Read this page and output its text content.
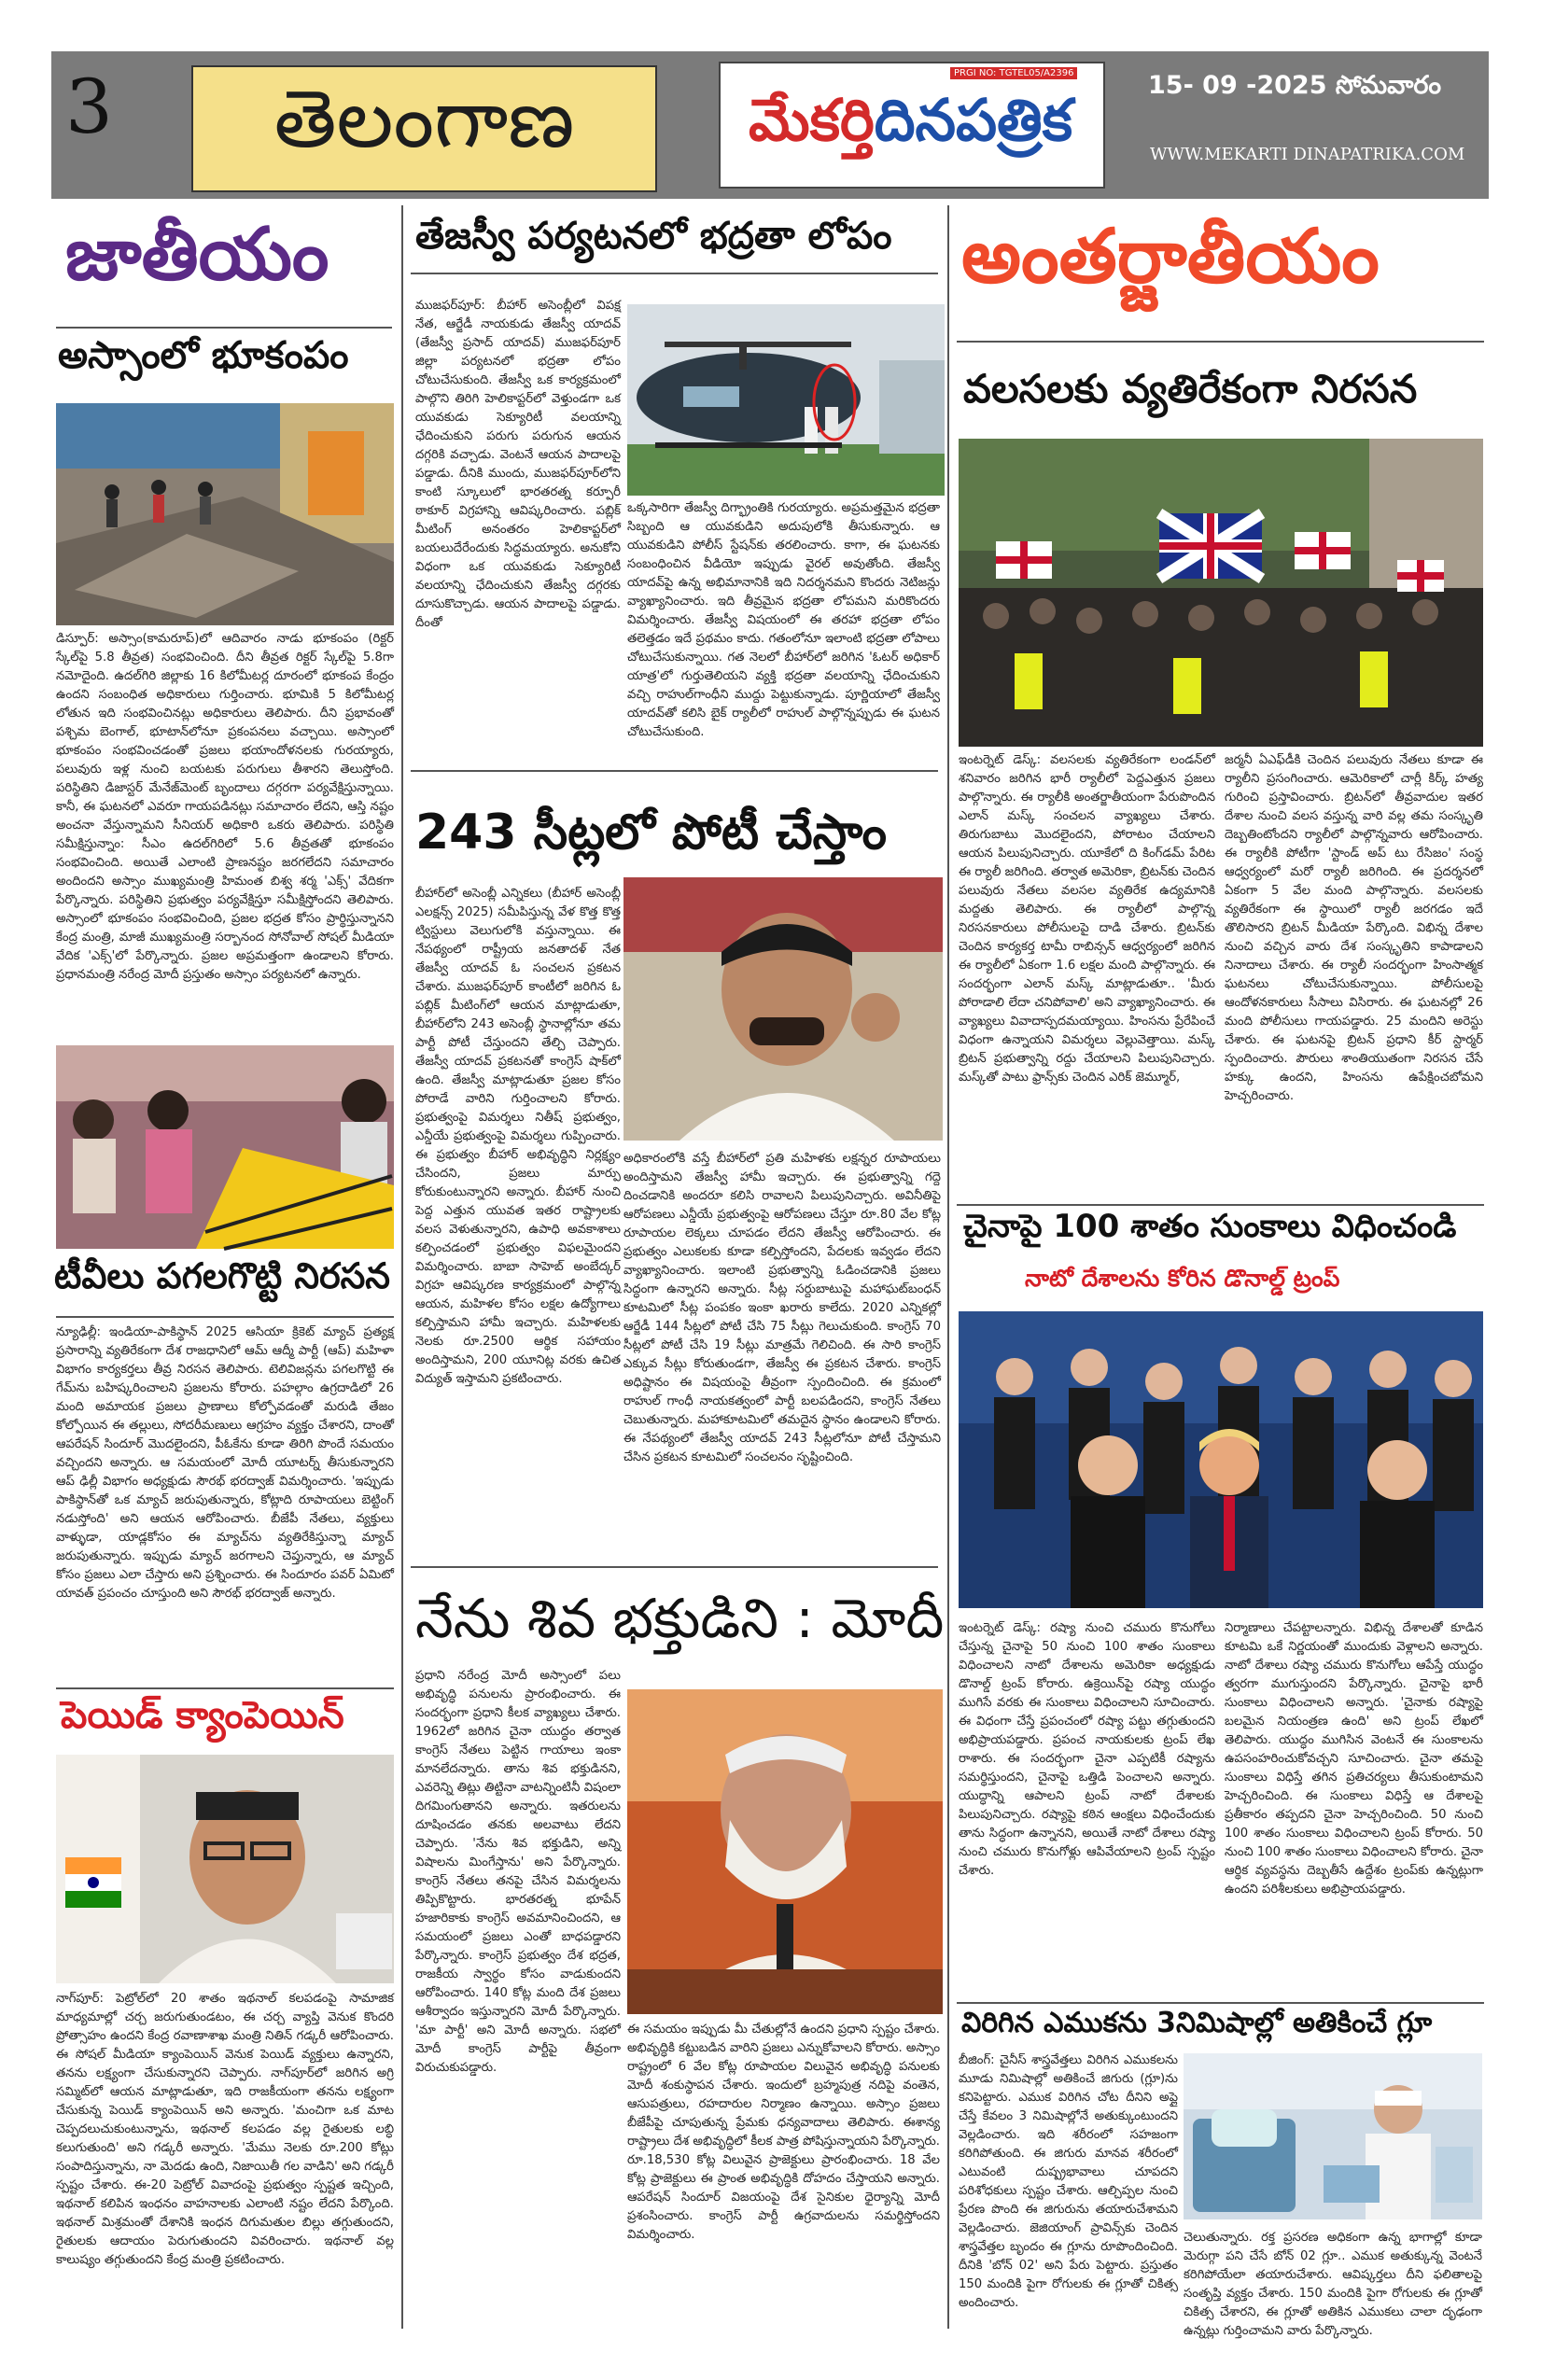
3	తెలంగాణ	మేకర్తిదినపత్రిక
PRGI NO: TGTEL05/A2396	15- 09 -2025 సోమవారం
WWW.MEKARTI DINAPATRIKA.COM
జాతీయం
అస్సాంలో భూకంపం
డిస్పూర్: అస్సాం(కామరూప్)లో ఆదివారం నాడు భూకంపం (రిక్టర్ స్కేల్‌పై 5.8 తీవ్రత) సంభవించింది. దీని తీవ్రత రిక్టర్ స్కేల్‌పై 5.8గా నమోదైంది. ఉదల్‌గిరి జిల్లాకు 16 కిలోమీటర్ల దూరంలో భూకంప కేంద్రం ఉందని సంబంధిత అధికారులు గుర్తించారు. భూమికి 5 కిలోమీటర్ల లోతున ఇది సంభవించినట్లు అధికారులు తెలిపారు. దీని ప్రభావంతో పశ్చిమ బెంగాల్, భూటాన్‌లోనూ ప్రకంపనలు వచ్చాయి. అస్సాంలో భూకంపం సంభవించడంతో ప్రజలు భయాందోళనలకు గురయ్యారు, పలువురు ఇళ్ల నుంచి బయటకు పరుగులు తీశారని తెలుస్తోంది. పరిస్థితిని డిజాస్టర్ మేనేజ్‌మెంట్ బృందాలు దగ్గరగా పర్యవేక్షిస్తున్నాయి. కానీ, ఈ ఘటనలో ఎవరూ గాయపడినట్లు సమాచారం లేదని, ఆస్తి నష్టం అంచనా వేస్తున్నామని సీనియర్ అధికారి ఒకరు తెలిపారు. పరిస్థితి సమీక్షిస్తున్నాం: సీఎం ఉదల్‌గిరిలో 5.6 తీవ్రతతో భూకంపం సంభవించింది. అయితే ఎలాంటి ప్రాణనష్టం జరగలేదని సమాచారం అందిందని అస్సాం ముఖ్యమంత్రి హిమంత బిశ్వ శర్మ 'ఎక్స్' వేదికగా పేర్కొన్నారు. పరిస్థితిని ప్రభుత్వం పర్యవేక్షిస్తూ సమీక్షిస్తోందని తెలిపారు. అస్సాంలో భూకంపం సంభవించింది, ప్రజల భద్రత కోసం ప్రార్థిస్తున్నానని కేంద్ర మంత్రి, మాజీ ముఖ్యమంత్రి సర్బానంద సోనోవాల్ సోషల్ మీడియా వేదిక 'ఎక్స్'లో పేర్కొన్నారు. ప్రజల అప్రమత్తంగా ఉండాలని కోరారు. ప్రధానమంత్రి నరేంద్ర మోదీ ప్రస్తుతం అస్సాం పర్యటనలో ఉన్నారు.
టీవీలు పగలగొట్టి నిరసన
న్యూఢిల్లీ: ఇండియా-పాకిస్థాన్ 2025 ఆసియా క్రికెట్ మ్యాచ్ ప్రత్యక్ష ప్రసారాన్ని వ్యతిరేకంగా దేశ రాజధానిలో ఆమ్ ఆద్మీ పార్టీ (ఆప్) మహిళా విభాగం కార్యకర్తలు తీవ్ర నిరసన తెలిపారు. టెలివిజన్లను పగలగొట్టి ఈ గేమ్‌ను బహిష్కరించాలని ప్రజలను కోరారు. పహల్గాం ఉగ్రదాడిలో 26 మంది అమాయక ప్రజలు ప్రాణాలు కోల్పోవడంతో మరుడి తేజం కోల్పోయిన ఈ తల్లులు, సోదరీమణులు ఆగ్రహం వ్యక్తం చేశారని, దాంతో ఆపరేషన్ సిందూర్ మొదలైందని, పీఓకేను కూడా తిరిగి పొందే సమయం వచ్చిందని అన్నారు. ఆ సమయంలో మోదీ యూటర్న్ తీసుకున్నారని ఆప్ ఢిల్లీ విభాగం అధ్యక్షుడు సౌరభ్ భరద్వాజ్ విమర్శించారు. 'ఇప్పుడు పాకిస్థాన్‌తో ఒక మ్యాచ్ జరుపుతున్నారు, కోట్లాది రూపాయలు బెట్టింగ్ నడుస్తోంది' అని ఆయన ఆరోపించారు. బీజేపీ నేతలు, వ్యక్తులు వాళ్ళుడా, యాడ్లకోసం ఈ మ్యాచ్‌ను వ్యతిరేకిస్తున్నా మ్యాచ్ జరుపుతున్నారు. ఇప్పుడు మ్యాచ్ జరగాలని చెప్తున్నారు, ఆ మ్యాచ్ కోసం ప్రజలు ఎలా చేస్తారు అని ప్రశ్నించారు. ఈ సిందూరం పవర్ ఏమిటో యావత్ ప్రపంచం చూస్తుంది అని సౌరభ్ భరద్వాజ్ అన్నారు.
పెయిడ్ క్యాంపెయిన్
నాగ్‌పూర్: పెట్రోల్‌లో 20 శాతం ఇథనాల్ కలపడంపై సామాజిక మాధ్యమాల్లో చర్చ జరుగుతుండటం, ఈ చర్చ వ్యాప్తి వెనుక కొందరి ప్రోత్సాహం ఉందని కేంద్ర రవాణాశాఖ మంత్రి నితిన్ గడ్కరీ ఆరోపించారు. ఈ సోషల్ మీడియా క్యాంపెయిన్ వెనుక పెయిడ్ వ్యక్తులు ఉన్నారని, తనను లక్ష్యంగా చేసుకున్నారని చెప్పారు. నాగ్‌పూర్‌లో జరిగిన అగ్రి సమ్మిట్‌లో ఆయన మాట్లాడుతూ, ఇది రాజకీయంగా తనను లక్ష్యంగా చేసుకున్న పెయిడ్ క్యాంపెయిన్ అని అన్నారు. 'మంచిగా ఒక మాట చెప్పదలుచుకుంటున్నాను, ఇథనాల్ కలపడం వల్ల రైతులకు లబ్ధి కలుగుతుంది' అని గడ్కరీ అన్నారు. 'మేము నెలకు రూ.200 కోట్లు సంపాదిస్తున్నాను, నా మెదడు ఉంది, నిజాయితీ గల వాడిని' అని గడ్కరీ స్పష్టం చేశారు. ఈ-20 పెట్రోల్ వివాదంపై ప్రభుత్వం స్పష్టత ఇచ్చింది, ఇథనాల్ కలిపిన ఇంధనం వాహనాలకు ఎలాంటి నష్టం లేదని పేర్కొంది. ఇథనాల్ మిశ్రమంతో దేశానికి ఇంధన దిగుమతుల బిల్లు తగ్గుతుందని, రైతులకు ఆదాయం పెరుగుతుందని వివరించారు. ఇథనాల్ వల్ల కాలుష్యం తగ్గుతుందని కేంద్ర మంత్రి ప్రకటించారు.
తేజస్వీ పర్యటనలో భద్రతా లోపం
ముజఫర్‌పూర్: బీహార్ అసెంబ్లీలో విపక్ష నేత, ఆర్జేడీ నాయకుడు తేజస్వీ యాదవ్ (తేజస్వీ ప్రసాద్ యాదవ్) ముజఫర్‌పూర్ జిల్లా పర్యటనలో భద్రతా లోపం చోటుచేసుకుంది. తేజస్వీ ఒక కార్యక్రమంలో పాల్గొని తిరిగి హెలికాప్టర్‌లో వెళ్తుండగా ఒక యువకుడు సెక్యూరిటీ వలయాన్ని ఛేదించుకుని పరుగు పరుగున ఆయన దగ్గరికి వచ్చాడు. వెంటనే ఆయన పాదాలపై పడ్డాడు. దీనికి ముందు, ముజఫర్‌పూర్‌లోని కాంటి స్కూలులో భారతరత్న కర్పూరీ ఠాకూర్ విగ్రహాన్ని ఆవిష్కరించారు. పబ్లిక్ మీటింగ్ అనంతరం హెలికాప్టర్‌లో బయలుదేరేందుకు సిద్ధమయ్యారు. అనుకోని విధంగా ఒక యువకుడు సెక్యూరిటీ వలయాన్ని ఛేదించుకుని తేజస్వీ దగ్గరకు దూసుకొచ్చాడు. ఆయన పాదాలపై పడ్డాడు. దీంతో
ఒక్కసారిగా తేజస్వీ దిగ్భ్రాంతికి గురయ్యారు. అప్రమత్తమైన భద్రతా సిబ్బంది ఆ యువకుడిని అదుపులోకి తీసుకున్నారు. ఆ యువకుడిని పోలీస్ స్టేషన్‌కు తరలించారు. కాగా, ఈ ఘటనకు సంబంధించిన వీడియో ఇప్పుడు వైరల్ అవుతోంది. తేజస్వీ యాదవ్‌పై ఉన్న అభిమానానికి ఇది నిదర్శనమని కొందరు నెటిజన్లు వ్యాఖ్యానించారు. ఇది తీవ్రమైన భద్రతా లోపమని మరికొందరు విమర్శించారు. తేజస్వీ విషయంలో ఈ తరహా భద్రతా లోపం తలెత్తడం ఇదే ప్రథమం కాదు. గతంలోనూ ఇలాంటి భద్రతా లోపాలు చోటుచేసుకున్నాయి. గత నెలలో బీహార్‌లో జరిగిన 'ఓటర్ అధికార్ యాత్ర'లో గుర్తుతెలియని వ్యక్తి భద్రతా వలయాన్ని ఛేదించుకుని వచ్చి రాహుల్‌గాంధీని ముద్దు పెట్టుకున్నాడు. పూర్ణియాలో తేజస్వీ యాదవ్‌తో కలిసి బైక్ ర్యాలీలో రాహుల్ పాల్గొన్నప్పుడు ఈ ఘటన చోటుచేసుకుంది.
243 సీట్లలో పోటీ చేస్తాం
బీహార్‌లో అసెంబ్లీ ఎన్నికలు (బీహార్ అసెంబ్లీ ఎలక్షన్స్ 2025) సమీపిస్తున్న వేళ కొత్త కొత్త ట్విస్టులు వెలుగులోకి వస్తున్నాయి. ఈ నేపథ్యంలో రాష్ట్రీయ జనతాదళ్ నేత తేజస్వీ యాదవ్ ఓ సంచలన ప్రకటన చేశారు. ముజఫర్‌పూర్ కాంటీలో జరిగిన ఓ పబ్లిక్ మీటింగ్‌లో ఆయన మాట్లాడుతూ, బీహార్‌లోని 243 అసెంబ్లీ స్థానాల్లోనూ తమ పార్టీ పోటీ చేస్తుందని తేల్చి చెప్పారు. తేజస్వీ యాదవ్ ప్రకటనతో కాంగ్రెస్ షాక్‌లో ఉంది. తేజస్వీ మాట్లాడుతూ ప్రజల కోసం పోరాడే వారిని గుర్తించాలని కోరారు. ప్రభుత్వంపై విమర్శలు నితీష్ ప్రభుత్వం, ఎన్డీయే ప్రభుత్వంపై విమర్శలు గుప్పించారు. ఈ ప్రభుత్వం బీహార్ అభివృద్ధిని నిర్లక్ష్యం చేసిందని, ప్రజలు మార్పు కోరుకుంటున్నారని అన్నారు. బీహార్ నుంచి పెద్ద ఎత్తున యువత ఇతర రాష్ట్రాలకు వలస వెళుతున్నారని, ఉపాధి అవకాశాలు కల్పించడంలో ప్రభుత్వం విఫలమైందని విమర్శించారు. బాబా సాహెబ్ అంబేద్కర్ విగ్రహ ఆవిష్కరణ కార్యక్రమంలో పాల్గొన్న ఆయన, మహిళల కోసం లక్షల ఉద్యోగాలు కల్పిస్తామని హామీ ఇచ్చారు. మహిళలకు నెలకు రూ.2500 ఆర్థిక సహాయం అందిస్తామని, 200 యూనిట్ల వరకు ఉచిత విద్యుత్ ఇస్తామని ప్రకటించారు.
అధికారంలోకి వస్తే బీహార్‌లో ప్రతి మహిళకు లక్షన్నర రూపాయలు అందిస్తామని తేజస్వీ హామీ ఇచ్చారు. ఈ ప్రభుత్వాన్ని గద్దె దించడానికి అందరూ కలిసి రావాలని పిలుపునిచ్చారు. అవినీతిపై ఆరోపణలు ఎన్డీయే ప్రభుత్వంపై ఆరోపణలు చేస్తూ రూ.80 వేల కోట్ల రూపాయల లెక్కలు చూపడం లేదని తేజస్వీ ఆరోపించారు. ఈ ప్రభుత్వం ఎలుకలకు కూడా కల్పిస్తోందని, పేదలకు ఇవ్వడం లేదని వ్యాఖ్యానించారు. ఇలాంటి ప్రభుత్వాన్ని ఓడించడానికి ప్రజలు సిద్ధంగా ఉన్నారని అన్నారు. సీట్ల సర్దుబాటుపై మహాఘట్‌బంధన్ కూటమిలో సీట్ల పంపకం ఇంకా ఖరారు కాలేదు. 2020 ఎన్నికల్లో ఆర్జేడీ 144 సీట్లలో పోటీ చేసి 75 సీట్లు గెలుచుకుంది. కాంగ్రెస్ 70 సీట్లలో పోటీ చేసి 19 సీట్లు మాత్రమే గెలిచింది. ఈ సారి కాంగ్రెస్ ఎక్కువ సీట్లు కోరుతుండగా, తేజస్వీ ఈ ప్రకటన చేశారు. కాంగ్రెస్ అధిష్టానం ఈ విషయంపై తీవ్రంగా స్పందించింది. ఈ క్రమంలో రాహుల్ గాంధీ నాయకత్వంలో పార్టీ బలపడిందని, కాంగ్రెస్ నేతలు చెబుతున్నారు. మహాకూటమిలో తమదైన స్థానం ఉండాలని కోరారు. ఈ నేపథ్యంలో తేజస్వీ యాదవ్ 243 సీట్లలోనూ పోటీ చేస్తామని చేసిన ప్రకటన కూటమిలో సంచలనం సృష్టించింది.
నేను శివ భక్తుడిని : మోదీ
ప్రధాని నరేంద్ర మోదీ అస్సాంలో పలు అభివృద్ధి పనులను ప్రారంభించారు. ఈ సందర్భంగా ప్రధాని కీలక వ్యాఖ్యలు చేశారు. 1962లో జరిగిన చైనా యుద్ధం తర్వాత కాంగ్రెస్ నేతలు పెట్టిన గాయాలు ఇంకా మానలేదన్నారు. తాను శివ భక్తుడినని, ఎవరెన్ని తిట్లు తిట్టినా వాటన్నింటినీ విషంలా దిగమింగుతానని అన్నారు. ఇతరులను దూషించడం తనకు అలవాటు లేదని చెప్పారు. 'నేను శివ భక్తుడిని, అన్ని విషాలను మింగేస్తాను' అని పేర్కొన్నారు. కాంగ్రెస్ నేతలు తనపై చేసిన విమర్శలను తిప్పికొట్టారు. భారతరత్న భూపేన్ హజారికాకు కాంగ్రెస్ అవమానించిందని, ఆ సమయంలో ప్రజలు ఎంతో బాధపడ్డారని పేర్కొన్నారు. కాంగ్రెస్ ప్రభుత్వం దేశ భద్రత, రాజకీయ స్వార్థం కోసం వాడుకుందని ఆరోపించారు. 140 కోట్ల మంది దేశ ప్రజలు ఆశీర్వాదం ఇస్తున్నారని మోదీ పేర్కొన్నారు. 'మా పార్టీ' అని మోదీ అన్నారు. సభలో మోదీ కాంగ్రెస్ పార్టీపై తీవ్రంగా విరుచుకుపడ్డారు.
ఈ సమయం ఇప్పుడు మీ చేతుల్లోనే ఉందని ప్రధాని స్పష్టం చేశారు. అభివృద్ధికి కట్టుబడిన వారిని ప్రజలు ఎన్నుకోవాలని కోరారు. అస్సాం రాష్ట్రంలో 6 వేల కోట్ల రూపాయల విలువైన అభివృద్ధి పనులకు మోదీ శంకుస్థాపన చేశారు. ఇందులో బ్రహ్మపుత్ర నదిపై వంతెన, ఆసుపత్రులు, రహదారుల నిర్మాణం ఉన్నాయి. అస్సాం ప్రజలు బీజేపీపై చూపుతున్న ప్రేమకు ధన్యవాదాలు తెలిపారు. ఈశాన్య రాష్ట్రాలు దేశ అభివృద్ధిలో కీలక పాత్ర పోషిస్తున్నాయని పేర్కొన్నారు. రూ.18,530 కోట్ల విలువైన ప్రాజెక్టులు ప్రారంభించారు. 18 వేల కోట్ల ప్రాజెక్టులు ఈ ప్రాంత అభివృద్ధికి దోహదం చేస్తాయని అన్నారు. ఆపరేషన్ సిందూర్ విజయంపై దేశ సైనికుల ధైర్యాన్ని మోదీ ప్రశంసించారు. కాంగ్రెస్ పార్టీ ఉగ్రవాదులను సమర్థిస్తోందని విమర్శించారు.
అంతర్జాతీయం
వలసలకు వ్యతిరేకంగా నిరసన
ఇంటర్నెట్ డెస్క్: వలసలకు వ్యతిరేకంగా లండన్‌లో శనివారం జరిగిన భారీ ర్యాలీలో పెద్దఎత్తున ప్రజలు పాల్గొన్నారు. ఈ ర్యాలీకి అంతర్జాతీయంగా పేరుపొందిన ఎలాన్ మస్క్ సంచలన వ్యాఖ్యలు చేశారు. తిరుగుబాటు మొదలైందని, పోరాటం చేయాలని ఆయన పిలుపునిచ్చారు. యూకేలో ది కింగ్‌డమ్ పేరిట ఈ ర్యాలీ జరిగింది. తర్వాత అమెరికా, బ్రిటన్‌కు చెందిన పలువురు నేతలు వలసల వ్యతిరేక ఉద్యమానికి మద్దతు తెలిపారు. ఈ ర్యాలీలో పాల్గొన్న నిరసనకారులు పోలీసులపై దాడి చేశారు. బ్రిటన్‌కు చెందిన కార్యకర్త టామీ రాబిన్సన్ ఆధ్వర్యంలో జరిగిన ఈ ర్యాలీలో ఏకంగా 1.6 లక్షల మంది పాల్గొన్నారు. ఈ సందర్భంగా ఎలాన్ మస్క్ మాట్లాడుతూ.. 'మీరు పోరాడాలి లేదా చనిపోవాలి' అని వ్యాఖ్యానించారు. ఈ వ్యాఖ్యలు వివాదాస్పదమయ్యాయి. హింసను ప్రేరేపించే విధంగా ఉన్నాయని విమర్శలు వెల్లువెత్తాయి. మస్క్ బ్రిటన్ ప్రభుత్వాన్ని రద్దు చేయాలని పిలుపునిచ్చారు. మస్క్‌తో పాటు ఫ్రాన్స్‌కు చెందిన ఎరిక్ జెమ్మూర్,
జర్మనీ ఏఎఫ్‌డీకి చెందిన పలువురు నేతలు కూడా ఈ ర్యాలీని ప్రసంగించారు. ఆమెరికాలో చార్లీ కిర్క్ హత్య గురించి ప్రస్తావించారు. బ్రిటన్‌లో తీవ్రవాదుల ఇతర దేశాల నుంచి వలస వస్తున్న వారి వల్ల తమ సంస్కృతి దెబ్బతింటోందని ర్యాలీలో పాల్గొన్నవారు ఆరోపించారు. ఈ ర్యాలీకి పోటీగా 'స్టాండ్ అప్ టు రేసిజం' సంస్థ ఆధ్వర్యంలో మరో ర్యాలీ జరిగింది. ఈ ప్రదర్శనలో ఏకంగా 5 వేల మంది పాల్గొన్నారు. వలసలకు వ్యతిరేకంగా ఈ స్థాయిలో ర్యాలీ జరగడం ఇదే తొలిసారని బ్రిటన్ మీడియా పేర్కొంది. విభిన్న దేశాల నుంచి వచ్చిన వారు దేశ సంస్కృతిని కాపాడాలని నినాదాలు చేశారు. ఈ ర్యాలీ సందర్భంగా హింసాత్మక ఘటనలు చోటుచేసుకున్నాయి. పోలీసులపై ఆందోళనకారులు సీసాలు విసిరారు. ఈ ఘటనల్లో 26 మంది పోలీసులు గాయపడ్డారు. 25 మందిని అరెస్టు చేశారు. ఈ ఘటనపై బ్రిటన్ ప్రధాని కీర్ స్టార్మర్ స్పందించారు. పౌరులు శాంతియుతంగా నిరసన చేసే హక్కు ఉందని, హింసను ఉపేక్షించబోమని హెచ్చరించారు.
చైనాపై 100 శాతం సుంకాలు విధించండి
నాటో దేశాలను కోరిన డొనాల్డ్ ట్రంప్
ఇంటర్నెట్ డెస్క్: రష్యా నుంచి చమురు కొనుగోలు చేస్తున్న చైనాపై 50 నుంచి 100 శాతం సుంకాలు విధించాలని నాటో దేశాలను అమెరికా అధ్యక్షుడు డొనాల్డ్ ట్రంప్ కోరారు. ఉక్రెయిన్‌పై రష్యా యుద్ధం ముగిసే వరకు ఈ సుంకాలు విధించాలని సూచించారు. ఈ విధంగా చేస్తే ప్రపంచంలో రష్యా పట్టు తగ్గుతుందని అభిప్రాయపడ్డారు. ప్రపంచ నాయకులకు ట్రంప్ లేఖ రాశారు. ఈ సందర్భంగా చైనా ఎప్పటికీ రష్యాను సమర్థిస్తుందని, చైనాపై ఒత్తిడి పెంచాలని అన్నారు. యుద్ధాన్ని ఆపాలని ట్రంప్ నాటో దేశాలకు పిలుపునిచ్చారు. రష్యాపై కఠిన ఆంక్షలు విధించేందుకు తాను సిద్ధంగా ఉన్నానని, అయితే నాటో దేశాలు రష్యా నుంచి చమురు కొనుగోళ్లు ఆపివేయాలని ట్రంప్ స్పష్టం చేశారు.
నిర్మాణాలు చేపట్టాలన్నారు. విభిన్న దేశాలతో కూడిన కూటమి ఒకే నిర్ణయంతో ముందుకు వెళ్లాలని అన్నారు. నాటో దేశాలు రష్యా చమురు కొనుగోలు ఆపేస్తే యుద్ధం త్వరగా ముగుస్తుందని పేర్కొన్నారు. చైనాపై భారీ సుంకాలు విధించాలని అన్నారు. 'చైనాకు రష్యాపై బలమైన నియంత్రణ ఉంది' అని ట్రంప్ లేఖలో తెలిపారు. యుద్ధం ముగిసిన వెంటనే ఈ సుంకాలను ఉపసంహరించుకోవచ్చని సూచించారు. చైనా తమపై సుంకాలు విధిస్తే తగిన ప్రతిచర్యలు తీసుకుంటామని హెచ్చరించింది. ఈ సుంకాలు విధిస్తే ఆ దేశాలపై ప్రతీకారం తప్పదని చైనా హెచ్చరించింది. 50 నుంచి 100 శాతం సుంకాలు విధించాలని ట్రంప్ కోరారు. 50 నుంచి 100 శాతం సుంకాలు విధించాలని కోరారు. చైనా ఆర్థిక వ్యవస్థను దెబ్బతీసే ఉద్దేశం ట్రంప్‌కు ఉన్నట్లుగా ఉందని పరిశీలకులు అభిప్రాయపడ్డారు.
విరిగిన ఎముకను 3నిమిషాల్లో అతికించే గ్లూ
బీజింగ్: చైనీస్ శాస్త్రవేత్తలు విరిగిన ఎముకలను మూడు నిమిషాల్లో అతికించే జిగురు (గ్లూ)ను కనిపెట్టారు. ఎముక విరిగిన చోట దీనిని అప్లై చేస్తే కేవలం 3 నిమిషాల్లోనే అతుక్కుంటుందని వెల్లడించారు. ఇది శరీరంలో సహజంగా కరిగిపోతుంది. ఈ జిగురు మానవ శరీరంలో ఎటువంటి దుష్ప్రభావాలు చూపదని పరిశోధకులు స్పష్టం చేశారు. ఆల్చిప్పల నుంచి ప్రేరణ పొంది ఈ జిగురును తయారుచేశామని వెల్లడించారు. జెజియాంగ్ ప్రావిన్స్‌కు చెందిన శాస్త్రవేత్తల బృందం ఈ గ్లూను రూపొందించింది. దీనికి 'బోన్ 02' అని పేరు పెట్టారు. ప్రస్తుతం 150 మందికి పైగా రోగులకు ఈ గ్లూతో చికిత్స అందించారు.
చెలుతున్నారు. రక్త ప్రసరణ అధికంగా ఉన్న భాగాల్లో కూడా మెరుగ్గా పని చేసే బోన్ 02 గ్లూ.. ఎముక అతుక్కున్న వెంటనే కరిగిపోయేలా తయారుచేశారు. ఆవిష్కర్తలు దీని ఫలితాలపై సంతృప్తి వ్యక్తం చేశారు. 150 మందికి పైగా రోగులకు ఈ గ్లూతో చికిత్స చేశారని, ఈ గ్లూతో అతికిన ఎముకలు చాలా దృఢంగా ఉన్నట్లు గుర్తించామని వారు పేర్కొన్నారు.
